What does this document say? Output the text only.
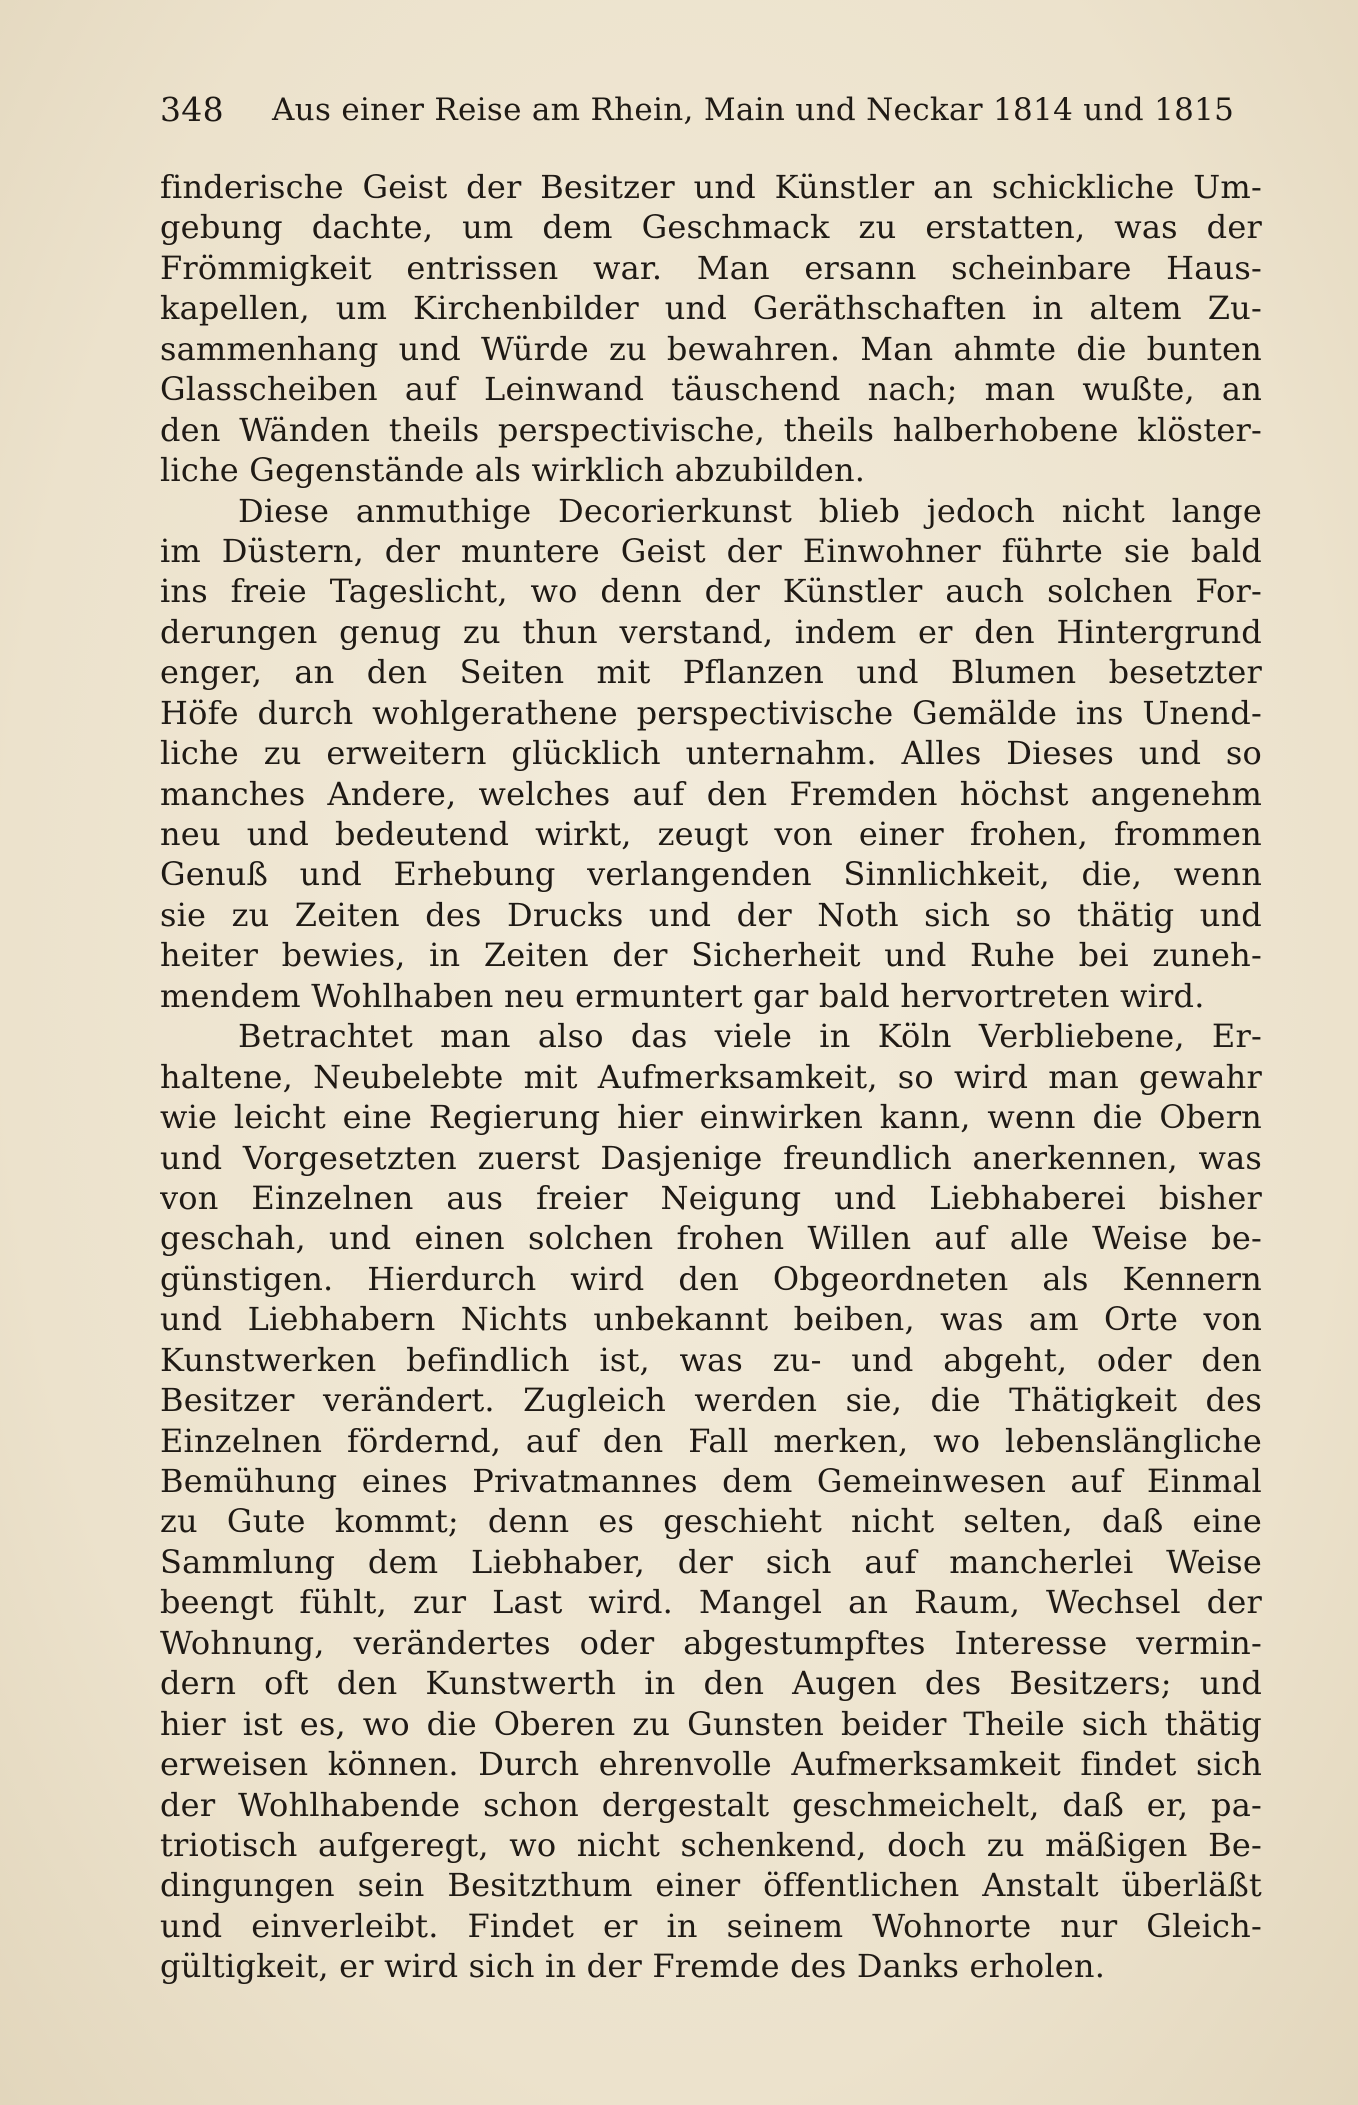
348 Aus einer Reise am Rhein, Main und Neckar 1814 und 1815
finderische Geist der Besitzer und Künstler an schickliche Um-
gebung dachte, um dem Geschmack zu erstatten, was der
Frömmigkeit entrissen war. Man ersann scheinbare Haus-
kapellen, um Kirchenbilder und Geräthschaften in altem Zu-
sammenhang und Würde zu bewahren. Man ahmte die bunten
Glasscheiben auf Leinwand täuschend nach; man wußte, an
den Wänden theils perspectivische, theils halberhobene klöster-
liche Gegenstände als wirklich abzubilden.
Diese anmuthige Decorierkunst blieb jedoch nicht lange
im Düstern, der muntere Geist der Einwohner führte sie bald
ins freie Tageslicht, wo denn der Künstler auch solchen For-
derungen genug zu thun verstand, indem er den Hintergrund
enger, an den Seiten mit Pflanzen und Blumen besetzter
Höfe durch wohlgerathene perspectivische Gemälde ins Unend-
liche zu erweitern glücklich unternahm. Alles Dieses und so
manches Andere, welches auf den Fremden höchst angenehm
neu und bedeutend wirkt, zeugt von einer frohen, frommen
Genuß und Erhebung verlangenden Sinnlichkeit, die, wenn
sie zu Zeiten des Drucks und der Noth sich so thätig und
heiter bewies, in Zeiten der Sicherheit und Ruhe bei zuneh-
mendem Wohlhaben neu ermuntert gar bald hervortreten wird.
Betrachtet man also das viele in Köln Verbliebene, Er-
haltene, Neubelebte mit Aufmerksamkeit, so wird man gewahr
wie leicht eine Regierung hier einwirken kann, wenn die Obern
und Vorgesetzten zuerst Dasjenige freundlich anerkennen, was
von Einzelnen aus freier Neigung und Liebhaberei bisher
geschah, und einen solchen frohen Willen auf alle Weise be-
günstigen. Hierdurch wird den Obgeordneten als Kennern
und Liebhabern Nichts unbekannt beiben, was am Orte von
Kunstwerken befindlich ist, was zu- und abgeht, oder den
Besitzer verändert. Zugleich werden sie, die Thätigkeit des
Einzelnen fördernd, auf den Fall merken, wo lebenslängliche
Bemühung eines Privatmannes dem Gemeinwesen auf Einmal
zu Gute kommt; denn es geschieht nicht selten, daß eine
Sammlung dem Liebhaber, der sich auf mancherlei Weise
beengt fühlt, zur Last wird. Mangel an Raum, Wechsel der
Wohnung, verändertes oder abgestumpftes Interesse vermin-
dern oft den Kunstwerth in den Augen des Besitzers; und
hier ist es, wo die Oberen zu Gunsten beider Theile sich thätig
erweisen können. Durch ehrenvolle Aufmerksamkeit findet sich
der Wohlhabende schon dergestalt geschmeichelt, daß er, pa-
triotisch aufgeregt, wo nicht schenkend, doch zu mäßigen Be-
dingungen sein Besitzthum einer öffentlichen Anstalt überläßt
und einverleibt. Findet er in seinem Wohnorte nur Gleich-
gültigkeit, er wird sich in der Fremde des Danks erholen.
